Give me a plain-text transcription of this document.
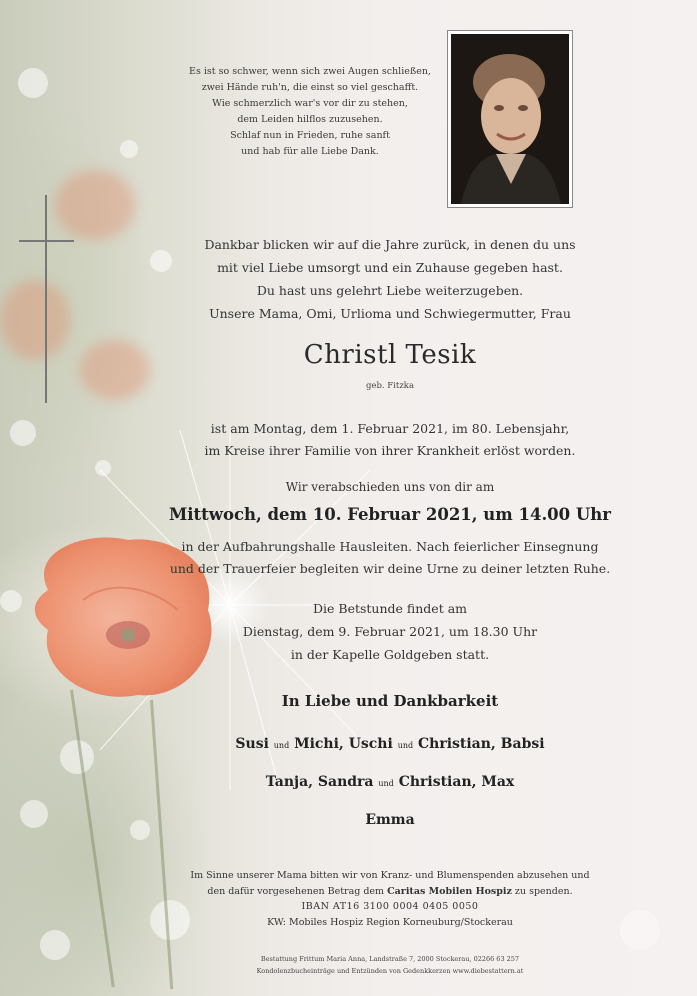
Es ist so schwer, wenn sich zwei Augen schließen,
zwei Hände ruh'n, die einst so viel geschafft.
Wie schmerzlich war's vor dir zu stehen,
dem Leiden hilflos zuzusehen.
Schlaf nun in Frieden, ruhe sanft
und hab für alle Liebe Dank.
Dankbar blicken wir auf die Jahre zurück, in denen du uns
mit viel Liebe umsorgt und ein Zuhause gegeben hast.
Du hast uns gelehrt Liebe weiterzugeben.
Unsere Mama, Omi, Urlioma und Schwiegermutter, Frau
Christl Tesik
geb. Fitzka
ist am Montag, dem 1. Februar 2021, im 80. Lebensjahr,
im Kreise ihrer Familie von ihrer Krankheit erlöst worden.
Wir verabschieden uns von dir am
Mittwoch, dem 10. Februar 2021, um 14.00 Uhr
in der Aufbahrungshalle Hausleiten. Nach feierlicher Einsegnung
und der Trauerfeier begleiten wir deine Urne zu deiner letzten Ruhe.
Die Betstunde findet am
Dienstag, dem 9. Februar 2021, um 18.30 Uhr
in der Kapelle Goldgeben statt.
In Liebe und Dankbarkeit
Susi und Michi, Uschi und Christian, Babsi
Tanja, Sandra und Christian, Max
Emma
Im Sinne unserer Mama bitten wir von Kranz- und Blumenspenden abzusehen und
den dafür vorgesehenen Betrag dem Caritas Mobilen Hospiz zu spenden.
IBAN AT16 3100 0004 0405 0050
KW: Mobiles Hospiz Region Korneuburg/Stockerau
Bestattung Frittum Maria Anna, Landstraße 7, 2000 Stockerau, 02266 63 257
Kondolenzbucheinträge und Entzünden von Gedenkkerzen www.diebestattern.at
